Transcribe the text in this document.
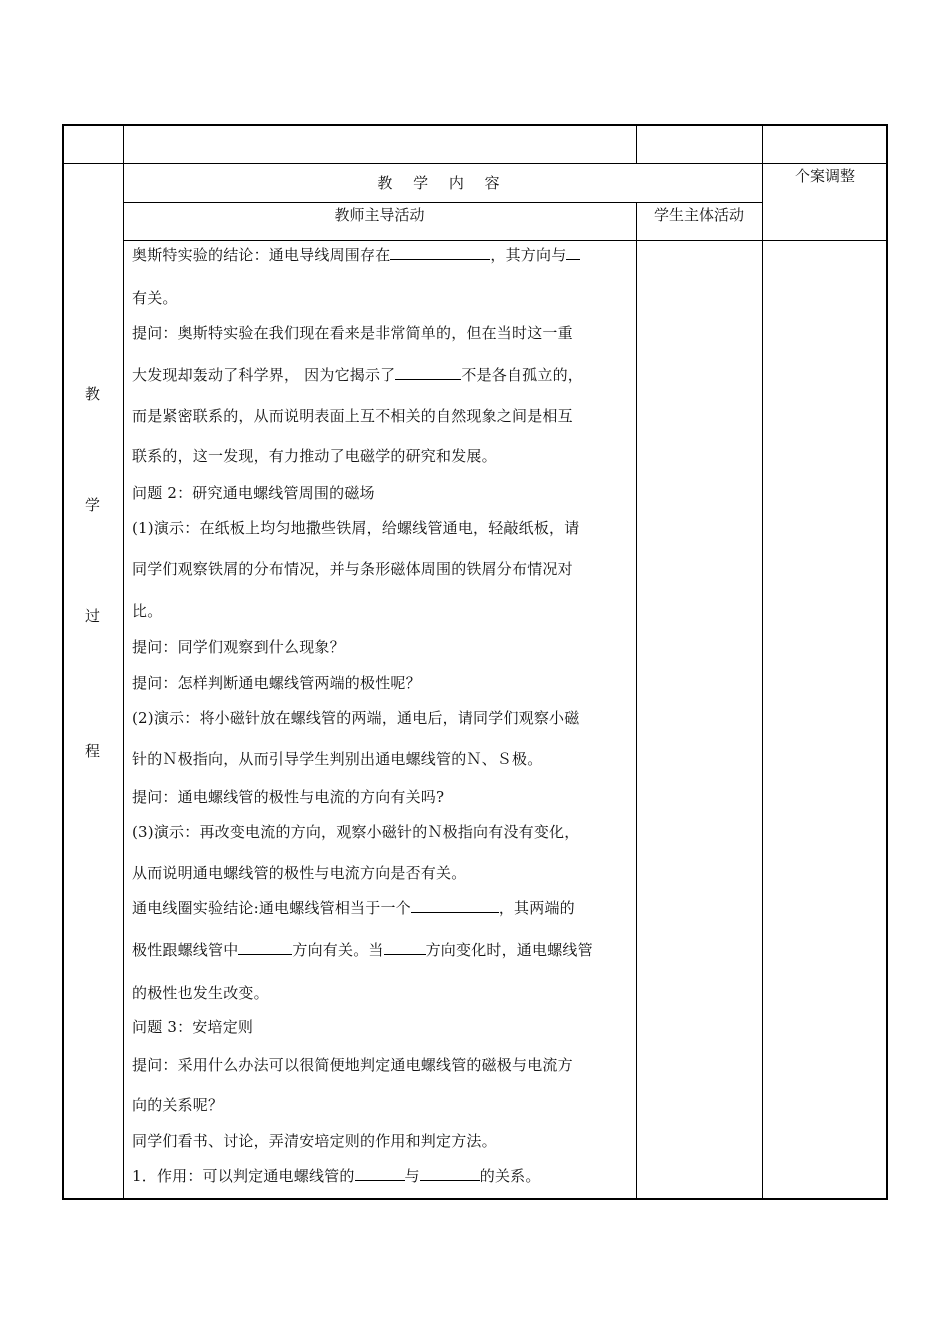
教 学 内 容	个案调整
教师主导活动	学生主体活动
教
学
过
程
奥斯特实验的结论：通电导线周围存在	，其方向与
有关。
提问：奥斯特实验在我们现在看来是非常简单的，但在当时这一重
大发现却轰动了科学界， 因为它揭示了	不是各自孤立的，
而是紧密联系的，从而说明表面上互不相关的自然现象之间是相互
联系的，这一发现，有力推动了电磁学的研究和发展。
问题 2：研究通电螺线管周围的磁场
(1)演示：在纸板上均匀地撒些铁屑，给螺线管通电，轻敲纸板，请
同学们观察铁屑的分布情况，并与条形磁体周围的铁屑分布情况对
比。
提问：同学们观察到什么现象？
提问：怎样判断通电螺线管两端的极性呢？
(2)演示：将小磁针放在螺线管的两端，通电后，请同学们观察小磁
针的Ｎ极指向，从而引导学生判别出通电螺线管的Ｎ、Ｓ极。
提问：通电螺线管的极性与电流的方向有关吗?
(3)演示：再改变电流的方向，观察小磁针的Ｎ极指向有没有变化，
从而说明通电螺线管的极性与电流方向是否有关。
通电线圈实验结论:通电螺线管相当于一个	，其两端的
极性跟螺线管中	方向有关。当	方向变化时，通电螺线管
的极性也发生改变。
问题 3：安培定则
提问：采用什么办法可以很简便地判定通电螺线管的磁极与电流方
向的关系呢？
同学们看书、讨论，弄清安培定则的作用和判定方法。
1．作用：可以判定通电螺线管的	与	的关系。
